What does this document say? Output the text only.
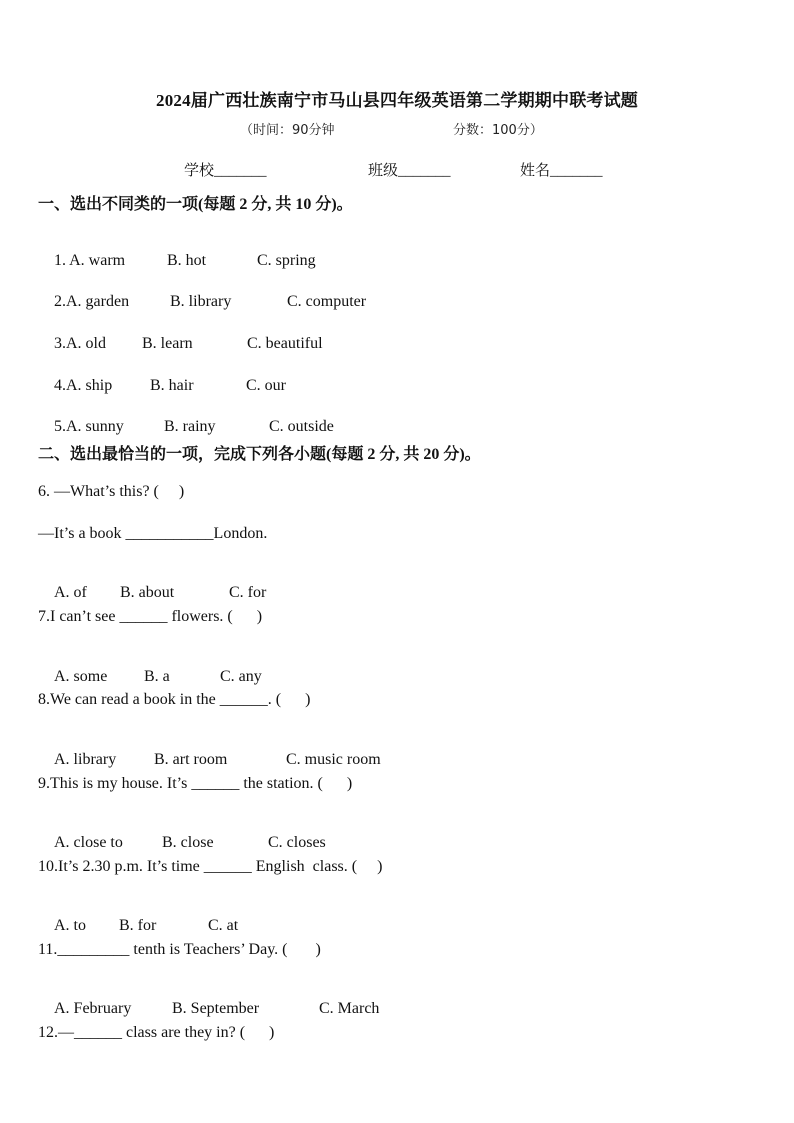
2024届广西壮族南宁市马山县四年级英语第二学期期中联考试题
（时间：90分钟	分数：100分）
学校_______	班级_______	姓名_______
一、选出不同类的一项(每题 2 分, 共 10 分)。

1. A. warm	B. hot	C. spring

2.A. garden	B. library	C. computer

3.A. old B. learn	C. beautiful

4.A. ship B. hair	C. our

5.A. sunny	B. rainy	C. outside

二、选出最恰当的一项，完成下列各小题(每题 2 分, 共 20 分)。
6. —What’s this? (     )
—It’s a book ___________London.

A. of B. about	C. for

7.I can’t see ______ flowers. (      )

A. some B. a	C. any

8.We can read a book in the ______. (      )

A. library B. art room	C. music room

9.This is my house. It’s ______ the station. (      )

A. close to B. close	C. closes

10.It’s 2.30 p.m. It’s time ______ English  class. (     )

A. to B. for	C. at

11._________ tenth is Teachers’ Day. (       )

A. February	B. September	C. March

12.—______ class are they in? (      )
